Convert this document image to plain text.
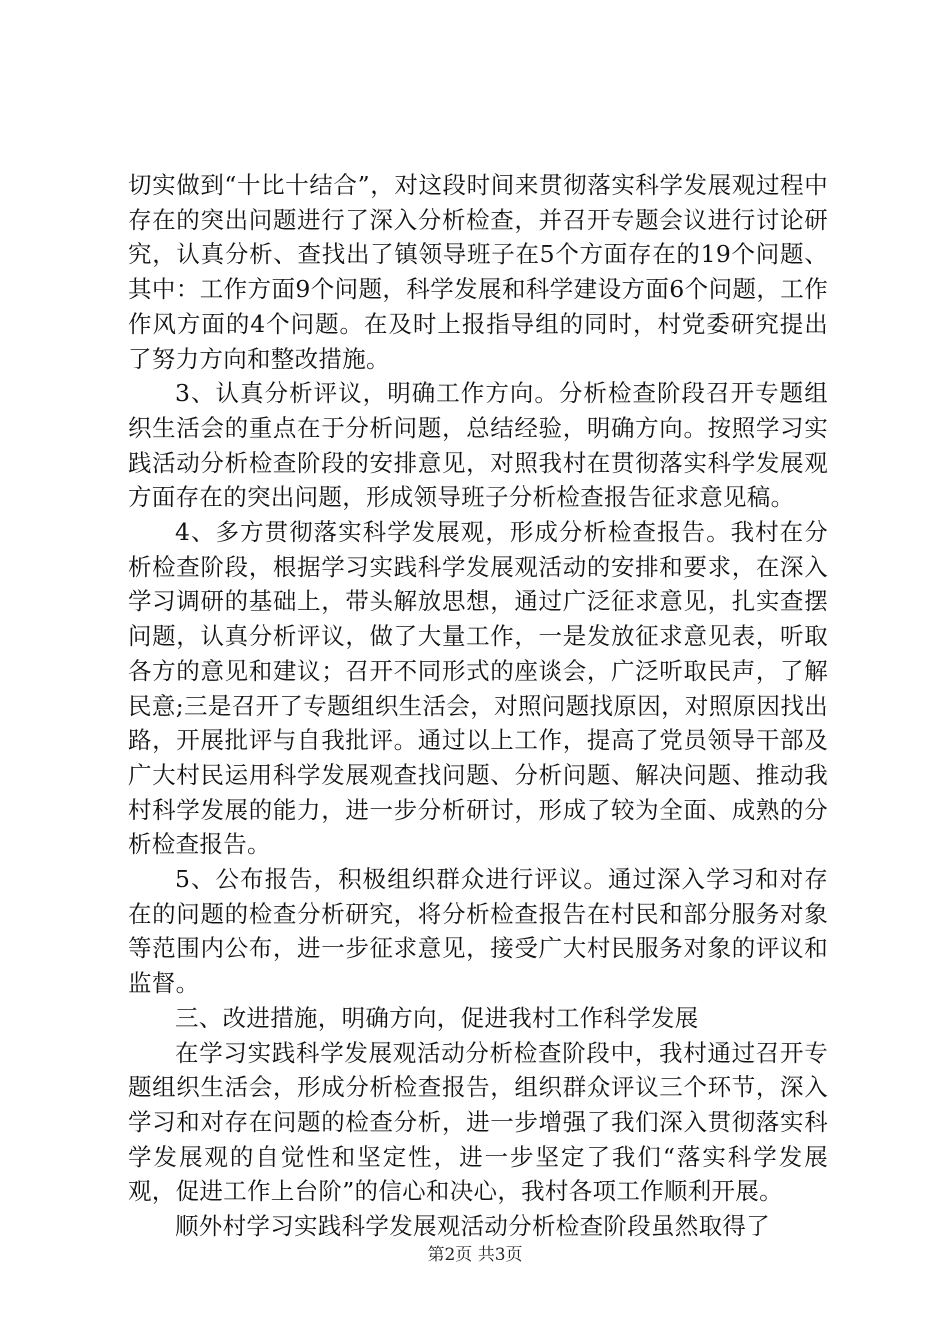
切实做到“十比十结合”，对这段时间来贯彻落实科学发展观过程中存在的突出问题进行了深入分析检查，并召开专题会议进行讨论研究，认真分析、查找出了镇领导班子在5个方面存在的19个问题、其中：工作方面9个问题，科学发展和科学建设方面6个问题，工作作风方面的4个问题。在及时上报指导组的同时，村党委研究提出了努力方向和整改措施。

3、认真分析评议，明确工作方向。分析检查阶段召开专题组织生活会的重点在于分析问题，总结经验，明确方向。按照学习实践活动分析检查阶段的安排意见，对照我村在贯彻落实科学发展观方面存在的突出问题，形成领导班子分析检查报告征求意见稿。

4、多方贯彻落实科学发展观，形成分析检查报告。我村在分析检查阶段，根据学习实践科学发展观活动的安排和要求，在深入学习调研的基础上，带头解放思想，通过广泛征求意见，扎实查摆问题，认真分析评议，做了大量工作，一是发放征求意见表，听取各方的意见和建议；召开不同形式的座谈会，广泛听取民声，了解民意;三是召开了专题组织生活会，对照问题找原因，对照原因找出路，开展批评与自我批评。通过以上工作，提高了党员领导干部及广大村民运用科学发展观查找问题、分析问题、解决问题、推动我村科学发展的能力，进一步分析研讨，形成了较为全面、成熟的分析检查报告。

5、公布报告，积极组织群众进行评议。通过深入学习和对存在的问题的检查分析研究，将分析检查报告在村民和部分服务对象等范围内公布，进一步征求意见，接受广大村民服务对象的评议和监督。

三、改进措施，明确方向，促进我村工作科学发展

在学习实践科学发展观活动分析检查阶段中，我村通过召开专题组织生活会，形成分析检查报告，组织群众评议三个环节，深入学习和对存在问题的检查分析，进一步增强了我们深入贯彻落实科学发展观的自觉性和坚定性，进一步坚定了我们“落实科学发展观，促进工作上台阶”的信心和决心，我村各项工作顺利开展。

顺外村学习实践科学发展观活动分析检查阶段虽然取得了

第2页 共3页
